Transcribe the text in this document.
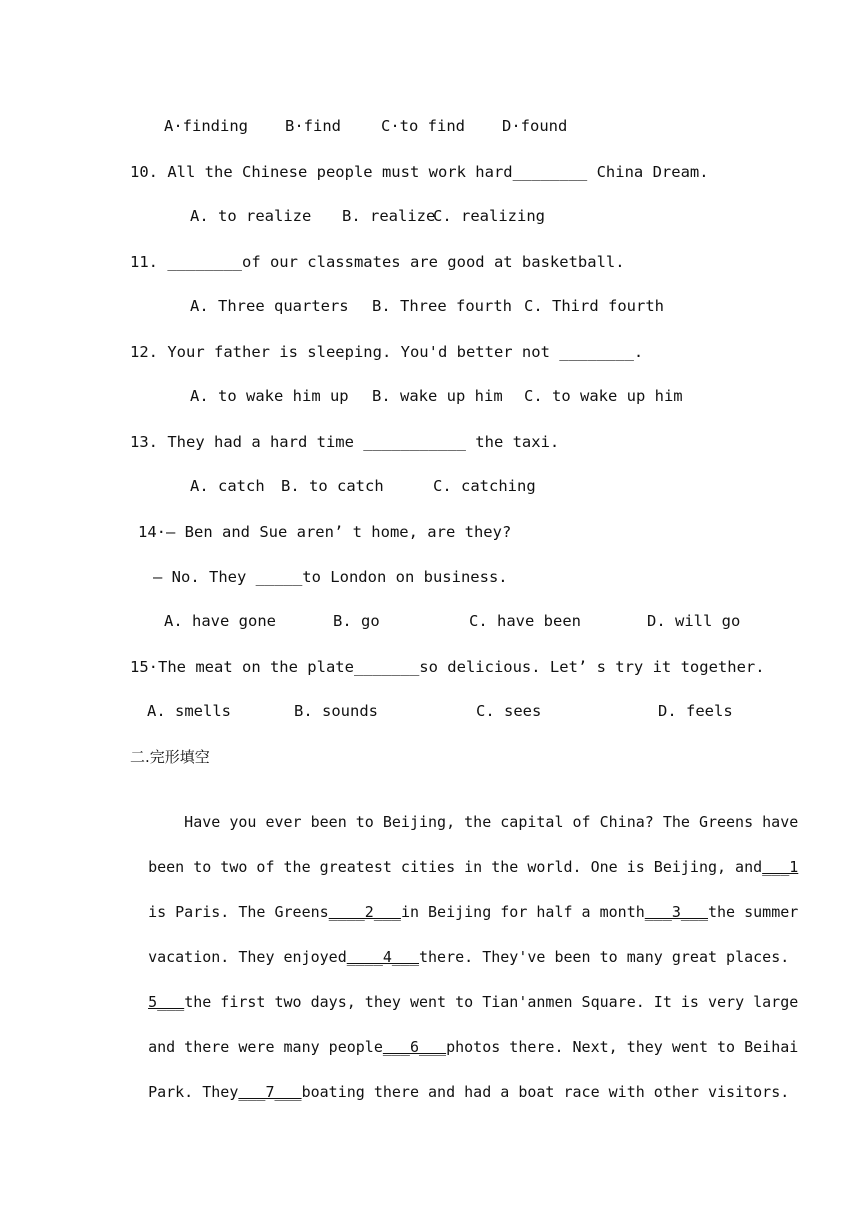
A·finding B·find	C·to find D·found
10. All the Chinese people must work hard________ China Dream.
A. to realize B. realize
C. realizing
11. ________of our classmates are good at basketball.
A. Three quarters B. Three fourth C. Third fourth
12. Your father is sleeping. You'd better not ________.
A. to wake him up B. wake up him C. to wake up him
13. They had a hard time ___________ the taxi.
A. catch B. to catch	C. catching
14·— Ben and Sue aren’ t home, are they?
— No. They _____to London on business.
A. have gone	B. go	C. have been	D. will go
15·The meat on the plate_______so delicious. Let’ s try it together.
A. smells	B. sounds	C. sees	D. feels
二.完形填空

Have you ever been to Beijing, the capital of China? The Greens have

been to two of the greatest cities in the world. One is Beijing, and___1

is Paris. The Greens____2___in Beijing for half a month___3___the summer

vacation. They enjoyed____4___there. They've been to many great places.

5___the first two days, they went to Tian'anmen Square. It is very large

and there were many people___6___photos there. Next, they went to Beihai

Park. They___7___boating there and had a boat race with other visitors.
